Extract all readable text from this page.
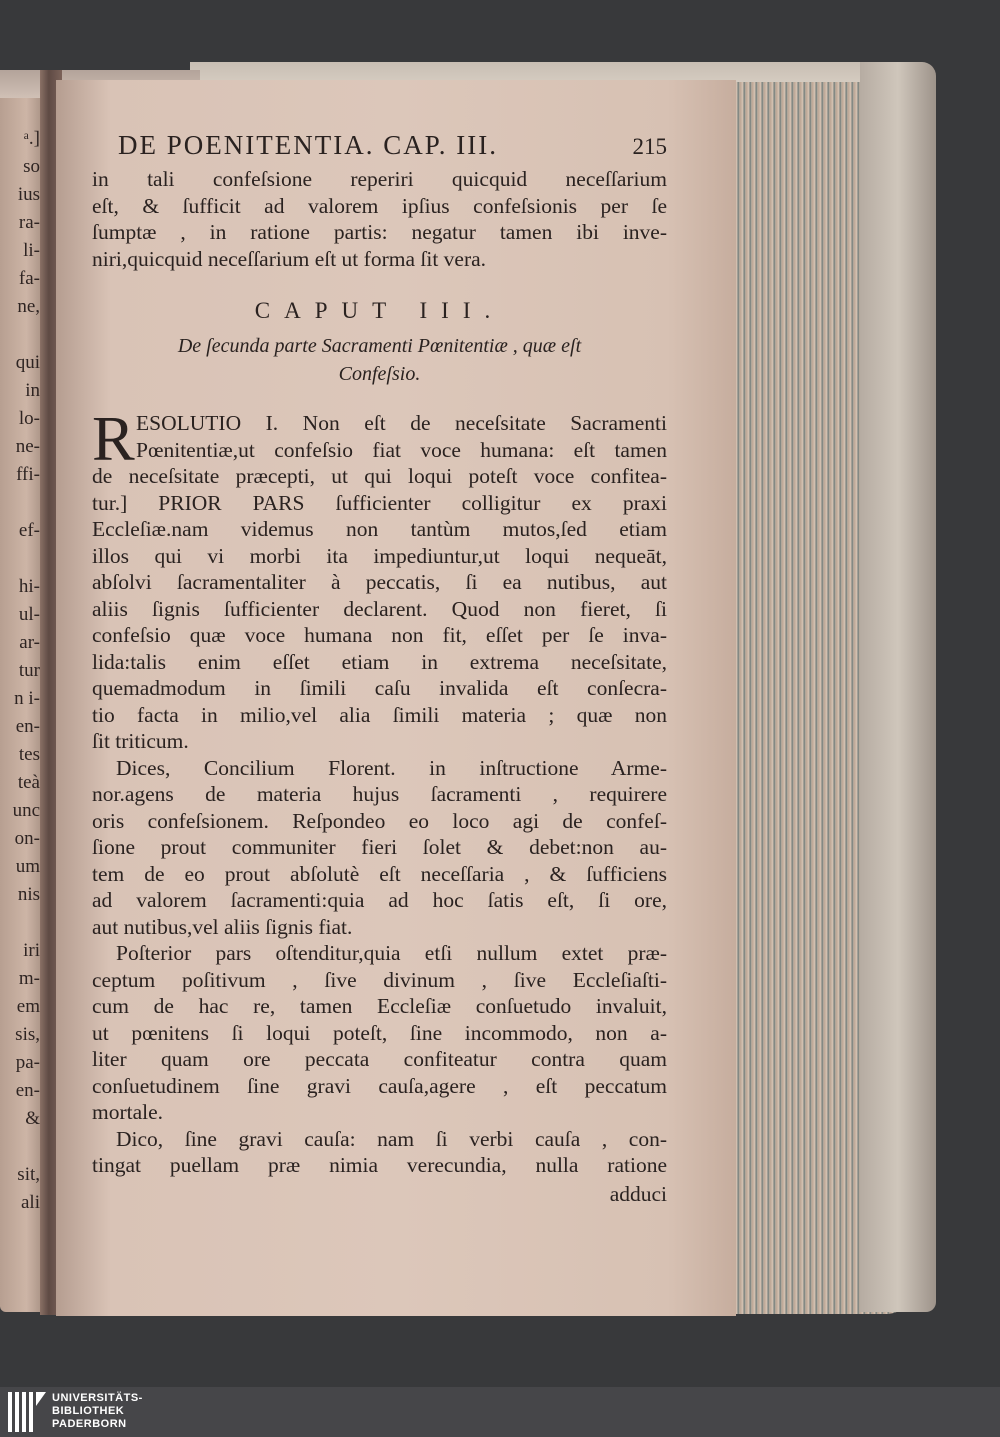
ᵃ.]
so
ius
ra-
li-
fa-
ne,
qui
in
lo-
ne-
ffi-
ef-
hi-
ul-
ar-
tur
n i-
en-
tes
teà
unc
on-
um
nis
iri
m-
em
sis,
pa-
en-
&
sit,
ali
DE POENITENTIA. CAP. III.	215
in tali confeſsione reperiri quicquid neceſſarium
eſt, & ſufficit ad valorem ipſius confeſsionis per ſe
ſumptæ , in ratione partis: negatur tamen ibi inve-
niri,quicquid neceſſarium eſt ut forma ſit vera.
CAPUT III.
De ſecunda parte Sacramenti Pœnitentiæ , quæ eſt
Confeſsio.
R ESOLUTIO I. Non eſt de neceſsitate Sacramenti
Pœnitentiæ,ut confeſsio fiat voce humana: eſt tamen
de neceſsitate præcepti, ut qui loqui poteſt voce confitea-
tur.] PRIOR PARS ſufficienter colligitur ex praxi
Eccleſiæ.nam videmus non tantùm mutos,ſed etiam
illos qui vi morbi ita impediuntur,ut loqui nequeāt,
abſolvi ſacramentaliter à peccatis, ſi ea nutibus, aut
aliis ſignis ſufficienter declarent. Quod non fieret, ſi
confeſsio quæ voce humana non fit, eſſet per ſe inva-
lida:talis enim eſſet etiam in extrema neceſsitate,
quemadmodum in ſimili caſu invalida eſt conſecra-
tio facta in milio,vel alia ſimili materia ; quæ non
ſit triticum.
Dices, Concilium Florent. in inſtructione Arme-
nor.agens de materia hujus ſacramenti , requirere
oris confeſsionem. Reſpondeo eo loco agi de confeſ-
ſione prout communiter fieri ſolet & debet:non au-
tem de eo prout abſolutè eſt neceſſaria , & ſufficiens
ad valorem ſacramenti:quia ad hoc ſatis eſt, ſi ore,
aut nutibus,vel aliis ſignis fiat.
Poſterior pars oſtenditur,quia etſi nullum extet præ-
ceptum poſitivum , ſive divinum , ſive Eccleſiaſti-
cum de hac re, tamen Eccleſiæ conſuetudo invaluit,
ut pœnitens ſi loqui poteſt, ſine incommodo, non a-
liter quam ore peccata confiteatur contra quam
conſuetudinem ſine gravi cauſa,agere , eſt peccatum
mortale.
Dico, ſine gravi cauſa: nam ſi verbi cauſa , con-
tingat puellam præ nimia verecundia, nulla ratione
adduci
UNIVERSITÄTS-
BIBLIOTHEK
PADERBORN
